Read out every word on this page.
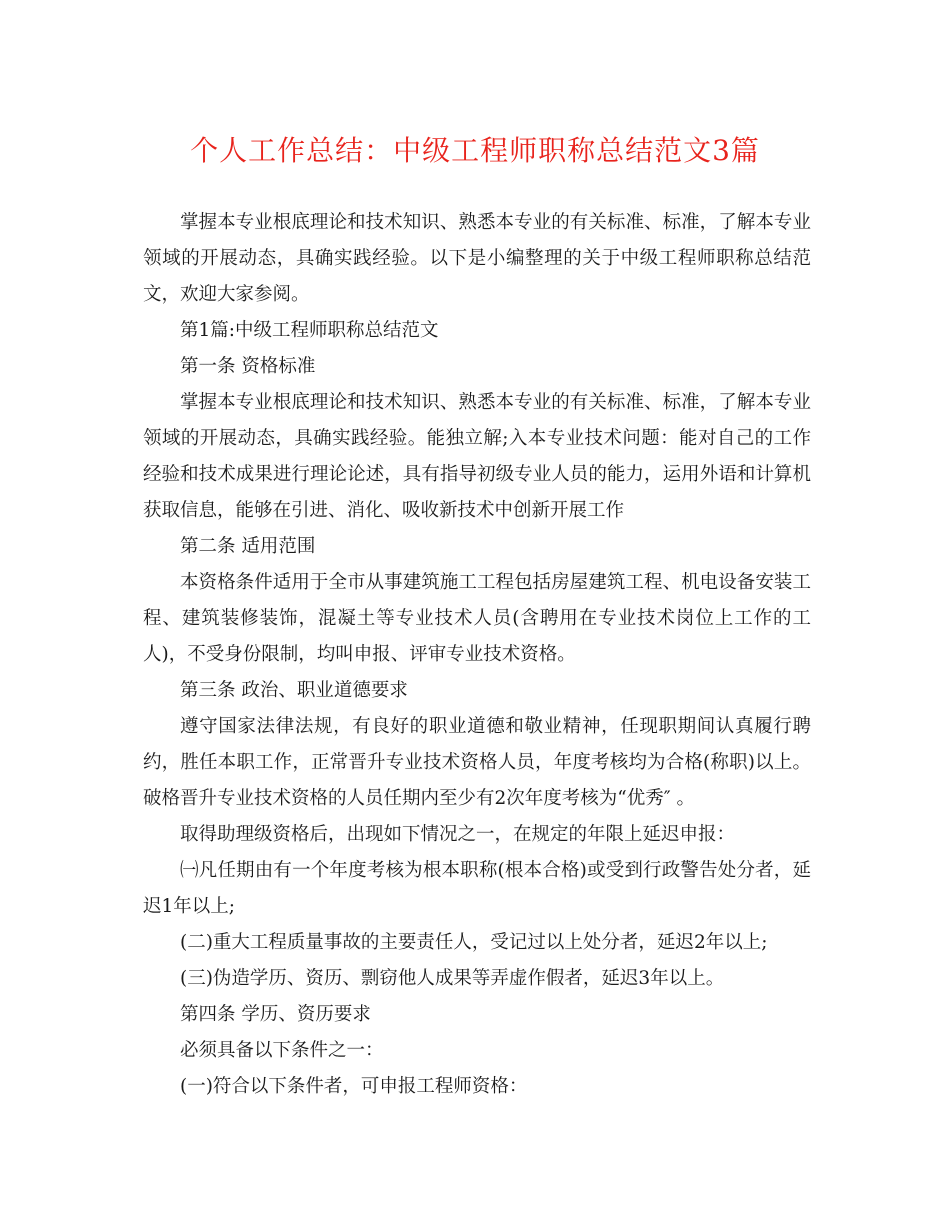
个人工作总结：中级工程师职称总结范文3篇

掌握本专业根底理论和技术知识、熟悉本专业的有关标准、标准，了解本专业领域的开展动态，具确实践经验。以下是小编整理的关于中级工程师职称总结范文，欢迎大家参阅。

第1篇:中级工程师职称总结范文

第一条 资格标准

掌握本专业根底理论和技术知识、熟悉本专业的有关标准、标准，了解本专业领域的开展动态，具确实践经验。能独立解;入本专业技术问题：能对自己的工作经验和技术成果进行理论论述，具有指导初级专业人员的能力，运用外语和计算机获取信息，能够在引进、消化、吸收新技术中创新开展工作

第二条 适用范围

本资格条件适用于全市从事建筑施工工程包括房屋建筑工程、机电设备安装工程、建筑装修装饰，混凝土等专业技术人员(含聘用在专业技术岗位上工作的工人)，不受身份限制，均叫申报、评审专业技术资格。

第三条 政治、职业道德要求

遵守国家法律法规，有良好的职业道德和敬业精神，任现职期间认真履行聘约，胜任本职工作，正常晋升专业技术资格人员，年度考核均为合格(称职)以上。破格晋升专业技术资格的人员任期内至少有2次年度考核为“优秀″ 。

取得助理级资格后，出现如下情况之一，在规定的年限上延迟申报：

㈠凡任期由有一个年度考核为根本职称(根本合格)或受到行政警告处分者，延迟1年以上;

(二)重大工程质量事故的主要责任人，受记过以上处分者，延迟2年以上;

(三)伪造学历、资历、剽窃他人成果等弄虚作假者，延迟3年以上。

第四条 学历、资历要求

必须具备以下条件之一：

(一)符合以下条件者，可申报工程师资格：
